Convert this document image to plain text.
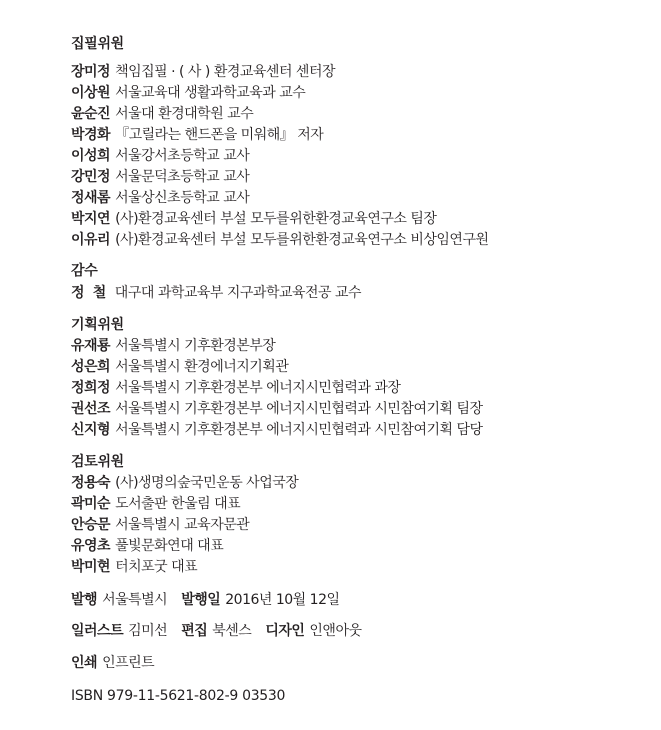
집필위원
장미정 책임집필 · ( 사 ) 환경교육센터 센터장
이상원 서울교육대 생활과학교육과 교수
윤순진 서울대 환경대학원 교수
박경화 『고릴라는 핸드폰을 미워해』 저자
이성희 서울강서초등학교 교사
강민정 서울문덕초등학교 교사
정새롬 서울상신초등학교 교사
박지연 (사)환경교육센터 부설 모두를위한환경교육연구소 팀장
이유리 (사)환경교육센터 부설 모두를위한환경교육연구소 비상임연구원
감수
정  철 대구대 과학교육부 지구과학교육전공 교수
기획위원
유재룡 서울특별시 기후환경본부장
성은희 서울특별시 환경에너지기획관
정희정 서울특별시 기후환경본부 에너지시민협력과 과장
권선조 서울특별시 기후환경본부 에너지시민협력과 시민참여기획 팀장
신지형 서울특별시 기후환경본부 에너지시민협력과 시민참여기획 담당
검토위원
정용숙 (사)생명의숲국민운동 사업국장
곽미순 도서출판 한울림 대표
안승문 서울특별시 교육자문관
유영초 풀빛문화연대 대표
박미현 터치포굿 대표
발행 서울특별시 발행일 2016년 10월 12일
일러스트 김미선 편집 북센스 디자인 인앤아웃
인쇄 인프린트
ISBN 979-11-5621-802-9 03530
